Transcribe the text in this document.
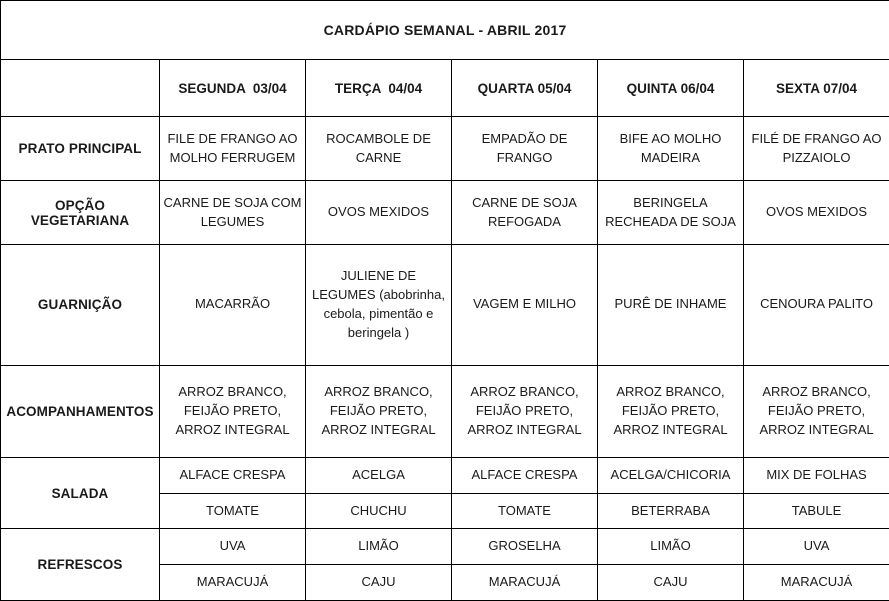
CARDÁPIO SEMANAL - ABRIL 2017					
	SEGUNDA  03/04	TERÇA  04/04	QUARTA 05/04	QUINTA 06/04	SEXTA 07/04
PRATO PRINCIPAL	FILE DE FRANGO AO MOLHO FERRUGEM	ROCAMBOLE DE CARNE	EMPADÃO DE FRANGO	BIFE AO MOLHO MADEIRA	FILÉ DE FRANGO AO PIZZAIOLO
OPÇÃO VEGETARIANA	CARNE DE SOJA COM LEGUMES	OVOS MEXIDOS	CARNE DE SOJA REFOGADA	BERINGELA RECHEADA DE SOJA	OVOS MEXIDOS
GUARNIÇÃO	MACARRÃO	JULIENE DE LEGUMES (abobrinha, cebola, pimentão e beringela )	VAGEM E MILHO	PURÊ DE INHAME	CENOURA PALITO
ACOMPANHAMENTOS	ARROZ BRANCO, FEIJÃO PRETO, ARROZ INTEGRAL	ARROZ BRANCO, FEIJÃO PRETO, ARROZ INTEGRAL	ARROZ BRANCO, FEIJÃO PRETO, ARROZ INTEGRAL	ARROZ BRANCO, FEIJÃO PRETO, ARROZ INTEGRAL	ARROZ BRANCO, FEIJÃO PRETO, ARROZ INTEGRAL
SALADA	ALFACE CRESPA	ACELGA	ALFACE CRESPA	ACELGA/CHICORIA	MIX DE FOLHAS
	TOMATE	CHUCHU	TOMATE	BETERRABA	TABULE
REFRESCOS	UVA	LIMÃO	GROSELHA	LIMÃO	UVA
	MARACUJÁ	CAJU	MARACUJÁ	CAJU	MARACUJÁ
